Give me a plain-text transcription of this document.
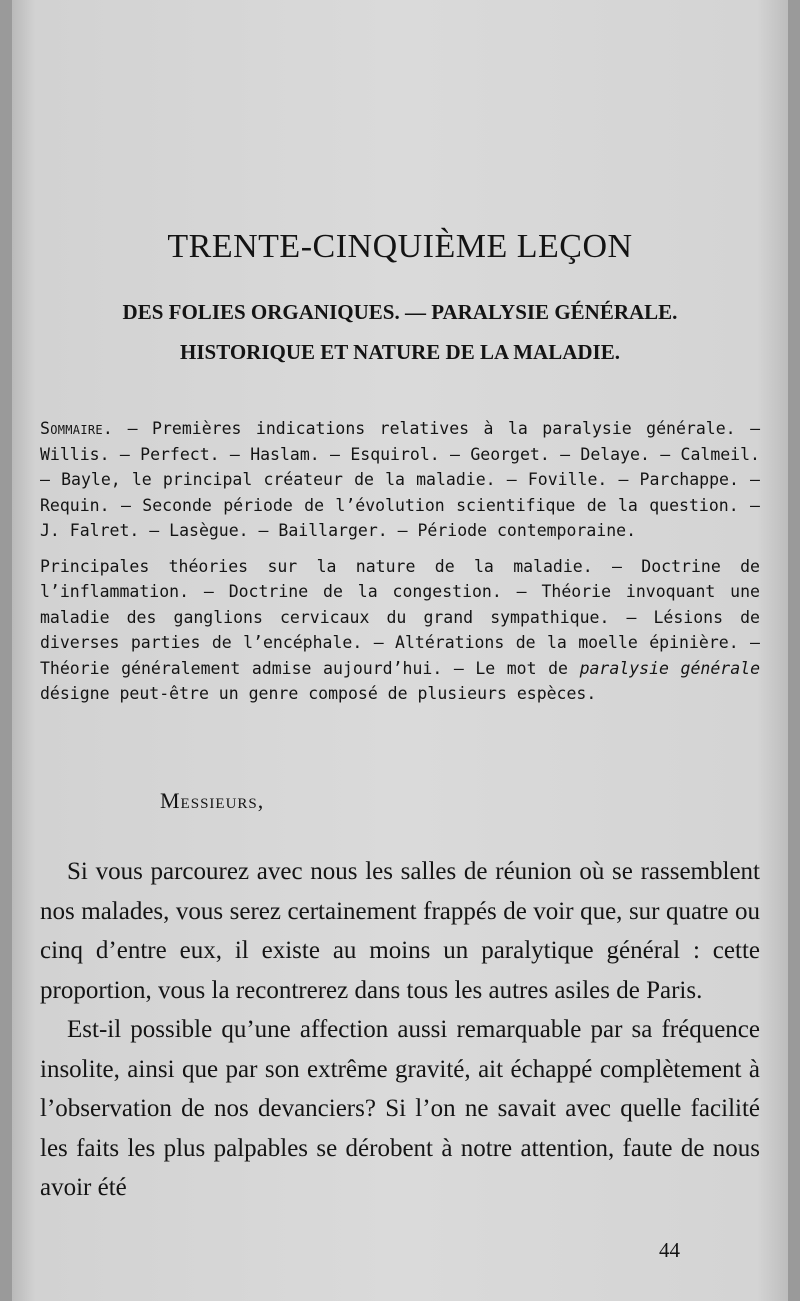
TRENTE-CINQUIÈME LEÇON
DES FOLIES ORGANIQUES. — PARALYSIE GÉNÉRALE.
HISTORIQUE ET NATURE DE LA MALADIE.

Sommaire. — Premières indications relatives à la paralysie générale. — Willis. — Perfect. — Haslam. — Esquirol. — Georget. — Delaye. — Calmeil. — Bayle, le principal créateur de la maladie. — Foville. — Parchappe. — Requin. — Seconde période de l’évolution scientifique de la question. — J. Falret. — Lasègue. — Baillarger. — Période contemporaine.

Principales théories sur la nature de la maladie. — Doctrine de l’inflammation. — Doctrine de la congestion. — Théorie invoquant une maladie des ganglions cervicaux du grand sympathique. — Lésions de diverses parties de l’encéphale. — Altérations de la moelle épinière. — Théorie généralement admise aujourd’hui. — Le mot de paralysie générale désigne peut-être un genre composé de plusieurs espèces.

Messieurs,

Si vous parcourez avec nous les salles de réunion où se rassemblent nos malades, vous serez certainement frappés de voir que, sur quatre ou cinq d’entre eux, il existe au moins un paralytique général : cette proportion, vous la recontrerez dans tous les autres asiles de Paris.

Est-il possible qu’une affection aussi remarquable par sa fréquence insolite, ainsi que par son extrême gravité, ait échappé complètement à l’observation de nos devanciers? Si l’on ne savait avec quelle facilité les faits les plus palpables se dérobent à notre attention, faute de nous avoir été

44
